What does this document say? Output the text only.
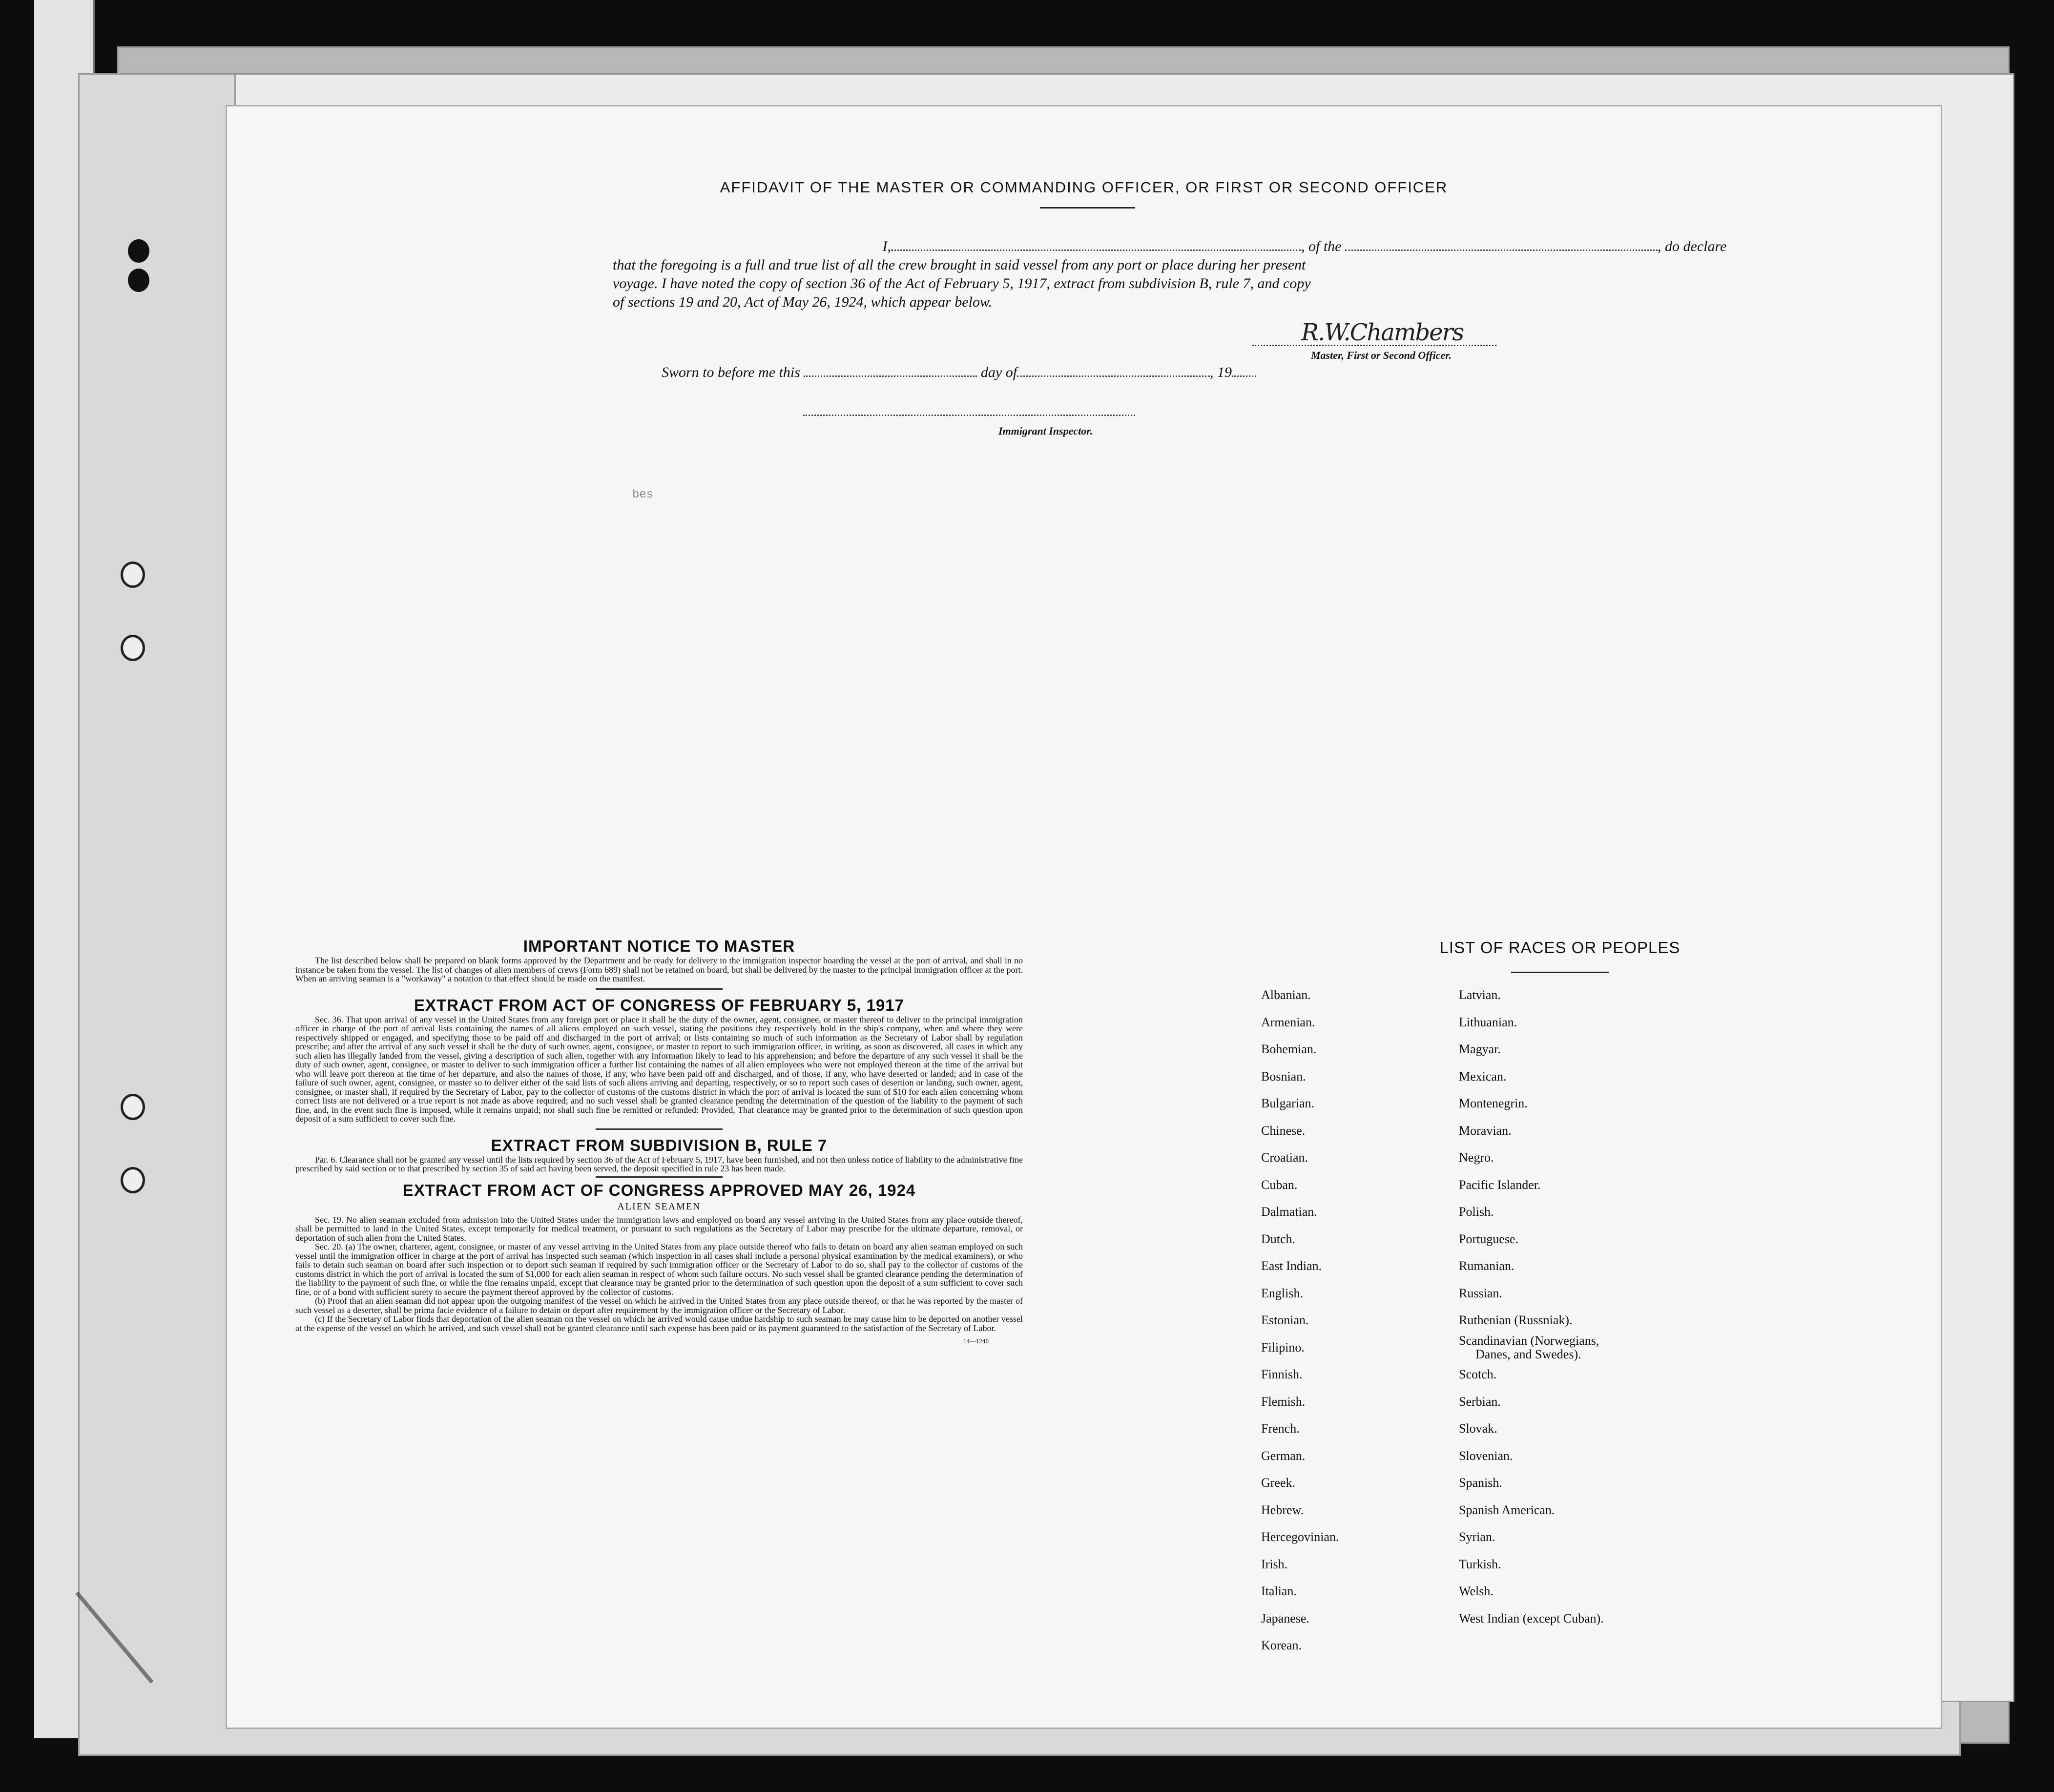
AFFIDAVIT OF THE MASTER OR COMMANDING OFFICER, OR FIRST OR SECOND OFFICER

I,	, of the	, do declare

that the foregoing is a full and true list of all the crew brought in said vessel from any port or place during her present

voyage. I have noted the copy of section 36 of the Act of February 5, 1917, extract from subdivision B, rule 7, and copy

of sections 19 and 20, Act of May 26, 1924, which appear below.

R.W.Chambers
Master, First or Second Officer.
Sworn to before me this	day of	, 19
Immigrant Inspector.
bes
IMPORTANT NOTICE TO MASTER

The list described below shall be prepared on blank forms approved by the Department and be ready for delivery to the immigration inspector boarding the vessel at the port of arrival, and shall in no instance be taken from the vessel. The list of changes of alien members of crews (Form 689) shall not be retained on board, but shall be delivered by the master to the principal immigration officer at the port. When an arriving seaman is a "workaway" a notation to that effect should be made on the manifest.

EXTRACT FROM ACT OF CONGRESS OF FEBRUARY 5, 1917

Sec. 36. That upon arrival of any vessel in the United States from any foreign port or place it shall be the duty of the owner, agent, consignee, or master thereof to deliver to the principal immigration officer in charge of the port of arrival lists containing the names of all aliens employed on such vessel, stating the positions they respectively hold in the ship's company, when and where they were respectively shipped or engaged, and specifying those to be paid off and discharged in the port of arrival; or lists containing so much of such information as the Secretary of Labor shall by regulation prescribe; and after the arrival of any such vessel it shall be the duty of such owner, agent, consignee, or master to report to such immigration officer, in writing, as soon as discovered, all cases in which any such alien has illegally landed from the vessel, giving a description of such alien, together with any information likely to lead to his apprehension; and before the departure of any such vessel it shall be the duty of such owner, agent, consignee, or master to deliver to such immigration officer a further list containing the names of all alien employees who were not employed thereon at the time of the arrival but who will leave port thereon at the time of her departure, and also the names of those, if any, who have been paid off and discharged, and of those, if any, who have deserted or landed; and in case of the failure of such owner, agent, consignee, or master so to deliver either of the said lists of such aliens arriving and departing, respectively, or so to report such cases of desertion or landing, such owner, agent, consignee, or master shall, if required by the Secretary of Labor, pay to the collector of customs of the customs district in which the port of arrival is located the sum of $10 for each alien concerning whom correct lists are not delivered or a true report is not made as above required; and no such vessel shall be granted clearance pending the determination of the question of the liability to the payment of such fine, and, in the event such fine is imposed, while it remains unpaid; nor shall such fine be remitted or refunded: Provided, That clearance may be granted prior to the determination of such question upon deposit of a sum sufficient to cover such fine.

EXTRACT FROM SUBDIVISION B, RULE 7

Par. 6. Clearance shall not be granted any vessel until the lists required by section 36 of the Act of February 5, 1917, have been furnished, and not then unless notice of liability to the administrative fine prescribed by said section or to that prescribed by section 35 of said act having been served, the deposit specified in rule 23 has been made.

EXTRACT FROM ACT OF CONGRESS APPROVED MAY 26, 1924
ALIEN SEAMEN

Sec. 19. No alien seaman excluded from admission into the United States under the immigration laws and employed on board any vessel arriving in the United States from any place outside thereof, shall be permitted to land in the United States, except temporarily for medical treatment, or pursuant to such regulations as the Secretary of Labor may prescribe for the ultimate departure, removal, or deportation of such alien from the United States.

Sec. 20. (a) The owner, charterer, agent, consignee, or master of any vessel arriving in the United States from any place outside thereof who fails to detain on board any alien seaman employed on such vessel until the immigration officer in charge at the port of arrival has inspected such seaman (which inspection in all cases shall include a personal physical examination by the medical examiners), or who fails to detain such seaman on board after such inspection or to deport such seaman if required by such immigration officer or the Secretary of Labor to do so, shall pay to the collector of customs of the customs district in which the port of arrival is located the sum of $1,000 for each alien seaman in respect of whom such failure occurs. No such vessel shall be granted clearance pending the determination of the liability to the payment of such fine, or while the fine remains unpaid, except that clearance may be granted prior to the determination of such question upon the deposit of a sum sufficient to cover such fine, or of a bond with sufficient surety to secure the payment thereof approved by the collector of customs.

(b) Proof that an alien seaman did not appear upon the outgoing manifest of the vessel on which he arrived in the United States from any place outside thereof, or that he was reported by the master of such vessel as a deserter, shall be prima facie evidence of a failure to detain or deport after requirement by the immigration officer or the Secretary of Labor.

(c) If the Secretary of Labor finds that deportation of the alien seaman on the vessel on which he arrived would cause undue hardship to such seaman he may cause him to be deported on another vessel at the expense of the vessel on which he arrived, and such vessel shall not be granted clearance until such expense has been paid or its payment guaranteed to the satisfaction of the Secretary of Labor.

14—1240
LIST OF RACES OR PEOPLES
Albanian.
Armenian.
Bohemian.
Bosnian.
Bulgarian.
Chinese.
Croatian.
Cuban.
Dalmatian.
Dutch.
East Indian.
English.
Estonian.
Filipino.
Finnish.
Flemish.
French.
German.
Greek.
Hebrew.
Hercegovinian.
Irish.
Italian.
Japanese.
Korean.
Latvian.
Lithuanian.
Magyar.
Mexican.
Montenegrin.
Moravian.
Negro.
Pacific Islander.
Polish.
Portuguese.
Rumanian.
Russian.
Ruthenian (Russniak).
Scandinavian (Norwegians,
Danes, and Swedes).
Scotch.
Serbian.
Slovak.
Slovenian.
Spanish.
Spanish American.
Syrian.
Turkish.
Welsh.
West Indian (except Cuban).
